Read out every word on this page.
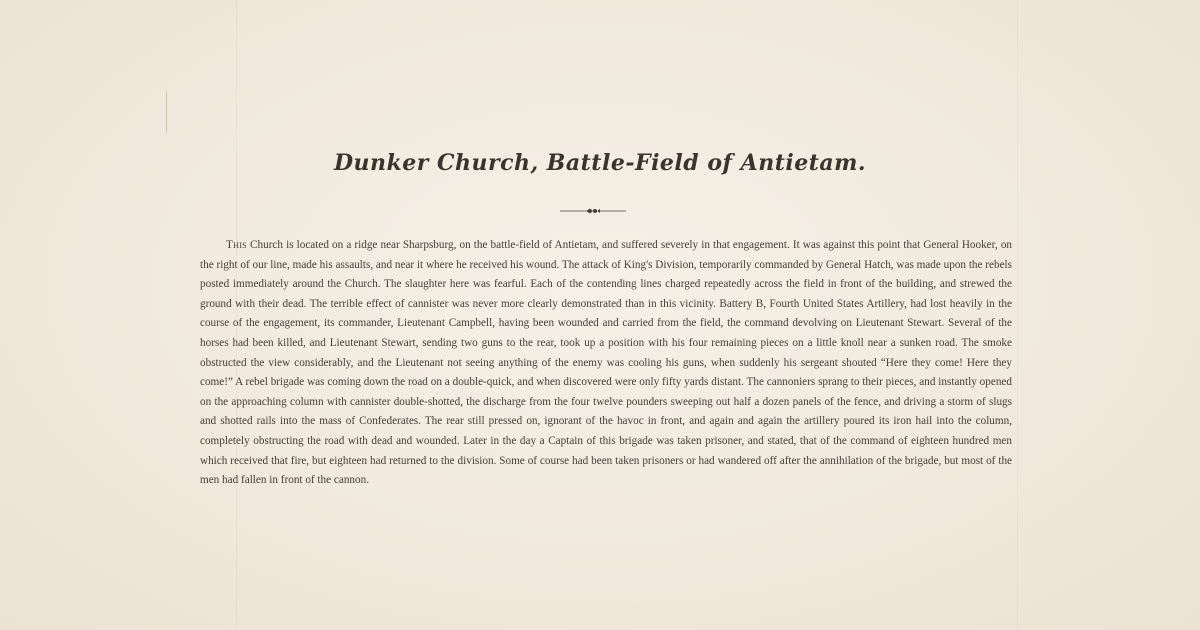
Dunker Church, Battle-Field of Antietam.

This Church is located on a ridge near Sharpsburg, on the battle-field of Antietam, and suffered severely in that engagement. It was against this point that General Hooker, on the right of our line, made his assaults, and near it where he received his wound. The attack of King's Division, temporarily commanded by General Hatch, was made upon the rebels posted immediately around the Church. The slaughter here was fearful. Each of the contending lines charged repeatedly across the field in front of the building, and strewed the ground with their dead. The terrible effect of cannister was never more clearly demonstrated than in this vicinity. Battery B, Fourth United States Artillery, had lost heavily in the course of the engagement, its commander, Lieutenant Campbell, having been wounded and carried from the field, the command devolving on Lieutenant Stewart. Several of the horses had been killed, and Lieutenant Stewart, sending two guns to the rear, took up a position with his four remaining pieces on a little knoll near a sunken road. The smoke obstructed the view considerably, and the Lieutenant not seeing anything of the enemy was cooling his guns, when suddenly his sergeant shouted “Here they come! Here they come!” A rebel brigade was coming down the road on a double-quick, and when discovered were only fifty yards distant. The cannoniers sprang to their pieces, and instantly opened on the approaching column with cannister double-shotted, the discharge from the four twelve pounders sweeping out half a dozen panels of the fence, and driving a storm of slugs and shotted rails into the mass of Confederates. The rear still pressed on, ignorant of the havoc in front, and again and again the artillery poured its iron hail into the column, completely obstructing the road with dead and wounded. Later in the day a Captain of this brigade was taken prisoner, and stated, that of the command of eighteen hundred men which received that fire, but eighteen had returned to the division. Some of course had been taken prisoners or had wandered off after the annihilation of the brigade, but most of the men had fallen in front of the cannon.
